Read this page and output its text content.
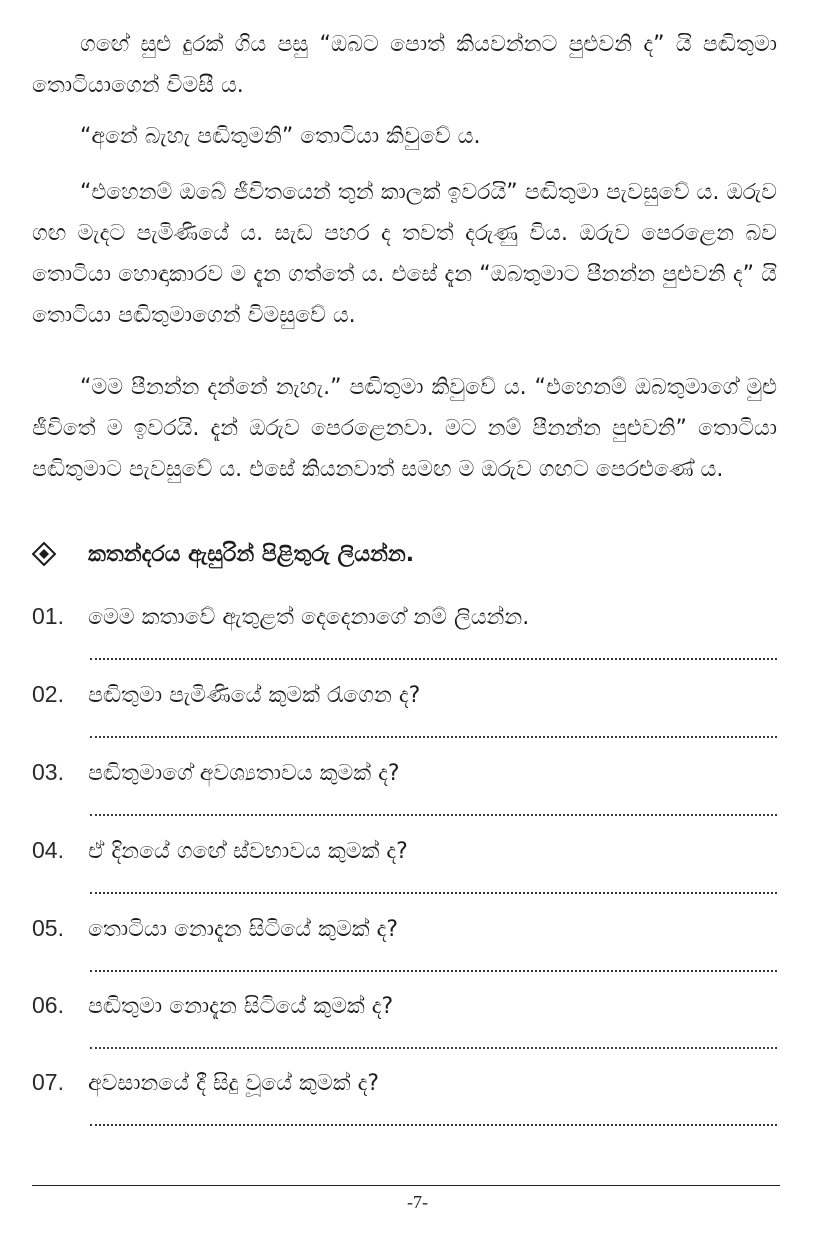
ගඟේ සුළු දුරක් ගිය පසු “ඔබට පොත් කියවන්නට පුළුවනි ද” යි පඬිතුමා තොටියාගෙන් විමසී ය.

“අනේ බැහැ පඬිතුමනි” තොටියා කිවුවේ ය.

“එහෙනම් ඔබේ ජීවිතයෙන් තුන් කාලක් ඉවරයි” පඬිතුමා පැවසුවේ ය. ඔරුව ගඟ මැදට පැමිණියේ ය. සැඩ පහර ද තවත් දරුණු විය. ඔරුව පෙරළෙන බව තොටියා හොඳාකාරව ම දැන ගත්තේ ය. එසේ දැන “ඔබතුමාට පීනන්න පුළුවනි ද” යි තොටියා පඬිතුමාගෙන් විමසුවේ ය.

“මම පීනන්න දන්නේ නැහැ.” පඬිතුමා කිවුවේ ය. “එහෙනම් ඔබතුමාගේ මුළු ජීවිතේ ම ඉවරයි. දැන් ඔරුව පෙරළෙනවා. මට නම් පීනන්න පුළුවනි” තොටියා පඬිතුමාට පැවසුවේ ය. එසේ කියනවාත් සමඟ ම ඔරුව ගඟට පෙරළුණේ ය.

කතන්දරය ඇසුරින් පිළිතුරු ලියන්න.
01.	මෙම කතාවේ ඇතුළත් දෙදෙනාගේ නම් ලියන්න.
02.	පඬිතුමා පැමිණියේ කුමක් රැගෙන ද?
03.	පඬිතුමාගේ අවශ්‍යතාවය කුමක් ද?
04.	ඒ දිනයේ ගඟේ ස්වභාවය කුමක් ද?
05.	තොටියා නොදැන සිටියේ කුමක් ද?
06.	පඬිතුමා නොදැන සිටියේ කුමක් ද?
07.	අවසානයේ දී සිදු වූයේ කුමක් ද?
-7-
